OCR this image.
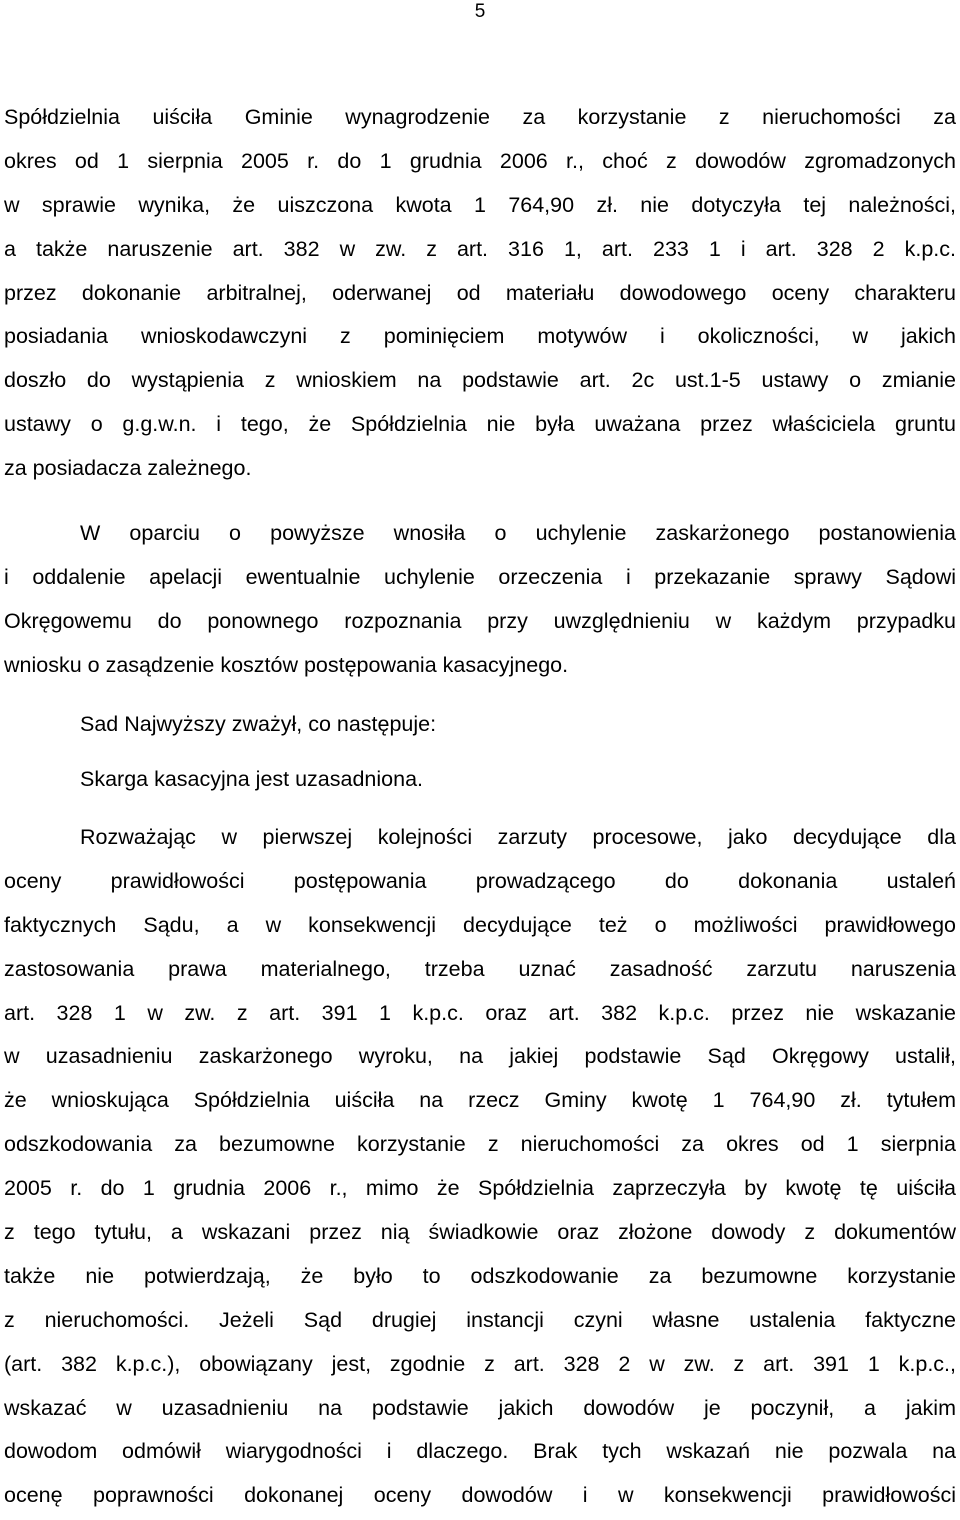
5
Spółdzielnia uiściła Gminie wynagrodzenie za korzystanie z nieruchomości za
okres od 1 sierpnia 2005 r. do 1 grudnia 2006 r., choć z dowodów zgromadzonych
w sprawie wynika, że uiszczona kwota 1 764,90 zł. nie dotyczyła tej należności,
a także naruszenie art. 382 w zw. z art. 316 1, art. 233 1 i art. 328 2 k.p.c.
przez dokonanie arbitralnej, oderwanej od materiału dowodowego oceny charakteru
posiadania wnioskodawczyni z pominięciem motywów i okoliczności, w jakich
doszło do wystąpienia z wnioskiem na podstawie art. 2c ust.1-5 ustawy o zmianie
ustawy o g.g.w.n. i tego, że Spółdzielnia nie była uważana przez właściciela gruntu
za posiadacza zależnego.
W oparciu o powyższe wnosiła o uchylenie zaskarżonego postanowienia
i oddalenie apelacji ewentualnie uchylenie orzeczenia i przekazanie sprawy Sądowi
Okręgowemu do ponownego rozpoznania przy uwzględnieniu w każdym przypadku
wniosku o zasądzenie kosztów postępowania kasacyjnego.
Sad Najwyższy zważył, co następuje:
Skarga kasacyjna jest uzasadniona.
Rozważając w pierwszej kolejności zarzuty procesowe, jako decydujące dla
oceny prawidłowości postępowania prowadzącego do dokonania ustaleń
faktycznych Sądu, a w konsekwencji decydujące też o możliwości prawidłowego
zastosowania prawa materialnego, trzeba uznać zasadność zarzutu naruszenia
art. 328 1 w zw. z art. 391 1 k.p.c. oraz art. 382 k.p.c. przez nie wskazanie
w uzasadnieniu zaskarżonego wyroku, na jakiej podstawie Sąd Okręgowy ustalił,
że wnioskująca Spółdzielnia uiściła na rzecz Gminy kwotę 1 764,90 zł. tytułem
odszkodowania za bezumowne korzystanie z nieruchomości za okres od 1 sierpnia
2005 r. do 1 grudnia 2006 r., mimo że Spółdzielnia zaprzeczyła by kwotę tę uiściła
z tego tytułu, a wskazani przez nią świadkowie oraz złożone dowody z dokumentów
także nie potwierdzają, że było to odszkodowanie za bezumowne korzystanie
z nieruchomości. Jeżeli Sąd drugiej instancji czyni własne ustalenia faktyczne
(art. 382 k.p.c.), obowiązany jest, zgodnie z art. 328 2 w zw. z art. 391 1 k.p.c.,
wskazać w uzasadnieniu na podstawie jakich dowodów je poczynił, a jakim
dowodom odmówił wiarygodności i dlaczego. Brak tych wskazań nie pozwala na
ocenę poprawności dokonanej oceny dowodów i w konsekwencji prawidłowości
